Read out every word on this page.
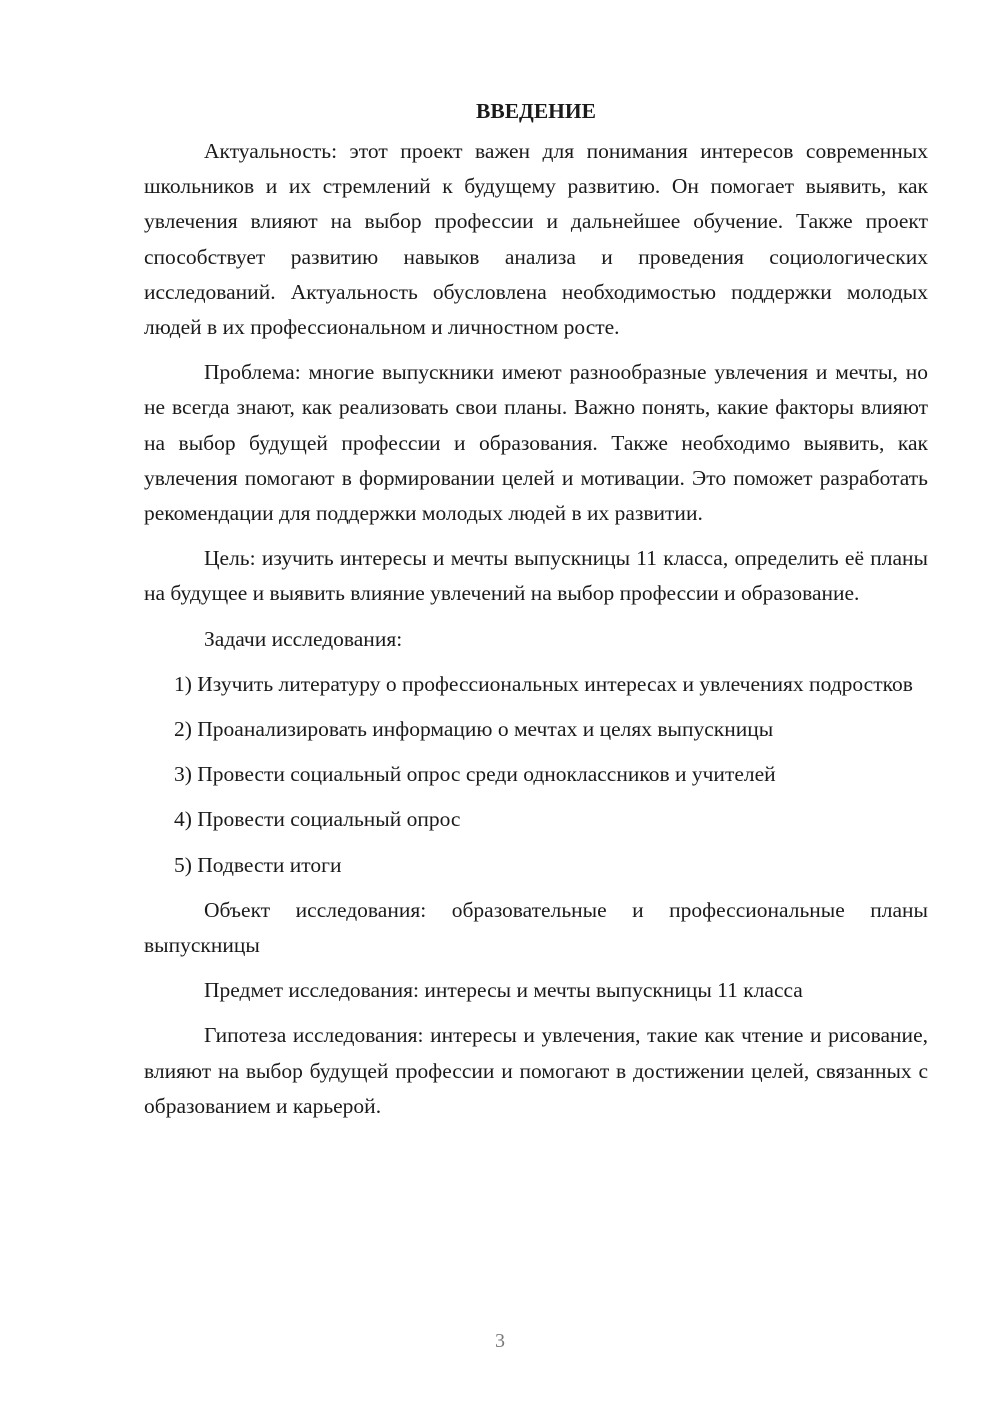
ВВЕДЕНИЕ

Актуальность: этот проект важен для понимания интересов современных школьников и их стремлений к будущему развитию. Он помогает выявить, как увлечения влияют на выбор профессии и дальнейшее обучение. Также проект способствует развитию навыков анализа и проведения социологических исследований. Актуальность обусловлена необходимостью поддержки молодых людей в их профессиональном и личностном росте.

Проблема: многие выпускники имеют разнообразные увлечения и мечты, но не всегда знают, как реализовать свои планы. Важно понять, какие факторы влияют на выбор будущей профессии и образования. Также необходимо выявить, как увлечения помогают в формировании целей и мотивации. Это поможет разработать рекомендации для поддержки молодых людей в их развитии.

Цель: изучить интересы и мечты выпускницы 11 класса, определить её планы на будущее и выявить влияние увлечений на выбор профессии и образование.

Задачи исследования:

1) Изучить литературу о профессиональных интересах и увлечениях подростков

2) Проанализировать информацию о мечтах и целях выпускницы

3) Провести социальный опрос среди одноклассников и учителей

4) Провести социальный опрос

5) Подвести итоги

Объект исследования: образовательные и профессиональные планы выпускницы

Предмет исследования: интересы и мечты выпускницы 11 класса

Гипотеза исследования: интересы и увлечения, такие как чтение и рисование, влияют на выбор будущей профессии и помогают в достижении целей, связанных с образованием и карьерой.

3
